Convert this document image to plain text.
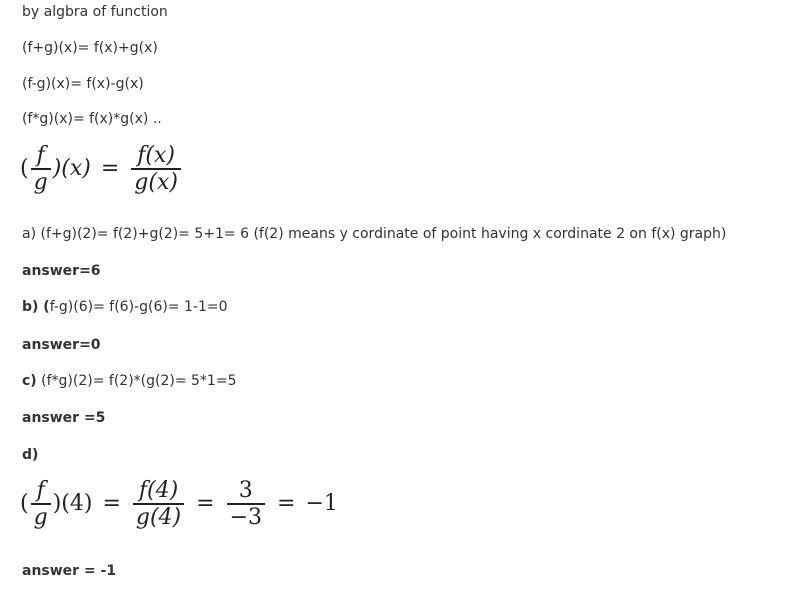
by algbra of function
(f+g)(x)= f(x)+g(x)
(f-g)(x)= f(x)-g(x)
(f*g)(x)= f(x)*g(x) ..
( $\frac{f}{g} )(x) = \frac{f(x)}{g(x)}$
a) (f+g)(2)= f(2)+g(2)= 5+1= 6 (f(2) means y cordinate of point having x cordinate 2 on f(x) graph)
answer=6
b) (f-g)(6)= f(6)-g(6)= 1-1=0
answer=0
c) (f*g)(2)= f(2)*(g(2)= 5*1=5
answer =5
d)
( $\frac{f}{g} )(4) = \frac{f(4)}{g(4)} = \frac{3}{-3} = -1$
answer = -1
